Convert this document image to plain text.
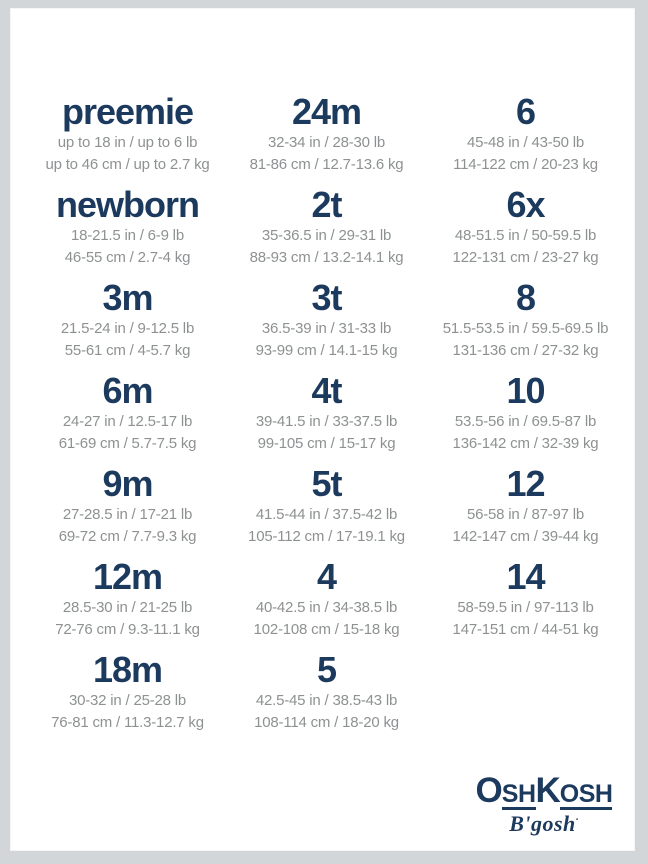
preemie
up to 18 in / up to 6 lb
up to 46 cm / up to 2.7 kg
newborn
18-21.5 in / 6-9 lb
46-55 cm / 2.7-4 kg
3m
21.5-24 in / 9-12.5 lb
55-61 cm / 4-5.7 kg
6m
24-27 in / 12.5-17 lb
61-69 cm / 5.7-7.5 kg
9m
27-28.5 in / 17-21 lb
69-72 cm / 7.7-9.3 kg
12m
28.5-30 in / 21-25 lb
72-76 cm / 9.3-11.1 kg
18m
30-32 in / 25-28 lb
76-81 cm / 11.3-12.7 kg
24m
32-34 in / 28-30 lb
81-86 cm / 12.7-13.6 kg
2t
35-36.5 in / 29-31 lb
88-93 cm / 13.2-14.1 kg
3t
36.5-39 in / 31-33 lb
93-99 cm / 14.1-15 kg
4t
39-41.5 in / 33-37.5 lb
99-105 cm / 15-17 kg
5t
41.5-44 in / 37.5-42 lb
105-112 cm / 17-19.1 kg
4
40-42.5 in / 34-38.5 lb
102-108 cm / 15-18 kg
5
42.5-45 in / 38.5-43 lb
108-114 cm / 18-20 kg
6
45-48 in / 43-50 lb
114-122 cm / 20-23 kg
6x
48-51.5 in / 50-59.5 lb
122-131 cm / 23-27 kg
8
51.5-53.5 in / 59.5-69.5 lb
131-136 cm / 27-32 kg
10
53.5-56 in / 69.5-87 lb
136-142 cm / 32-39 kg
12
56-58 in / 87-97 lb
142-147 cm / 39-44 kg
14
58-59.5 in / 97-113 lb
147-151 cm / 44-51 kg
OSHKOSH
B'gosh·
